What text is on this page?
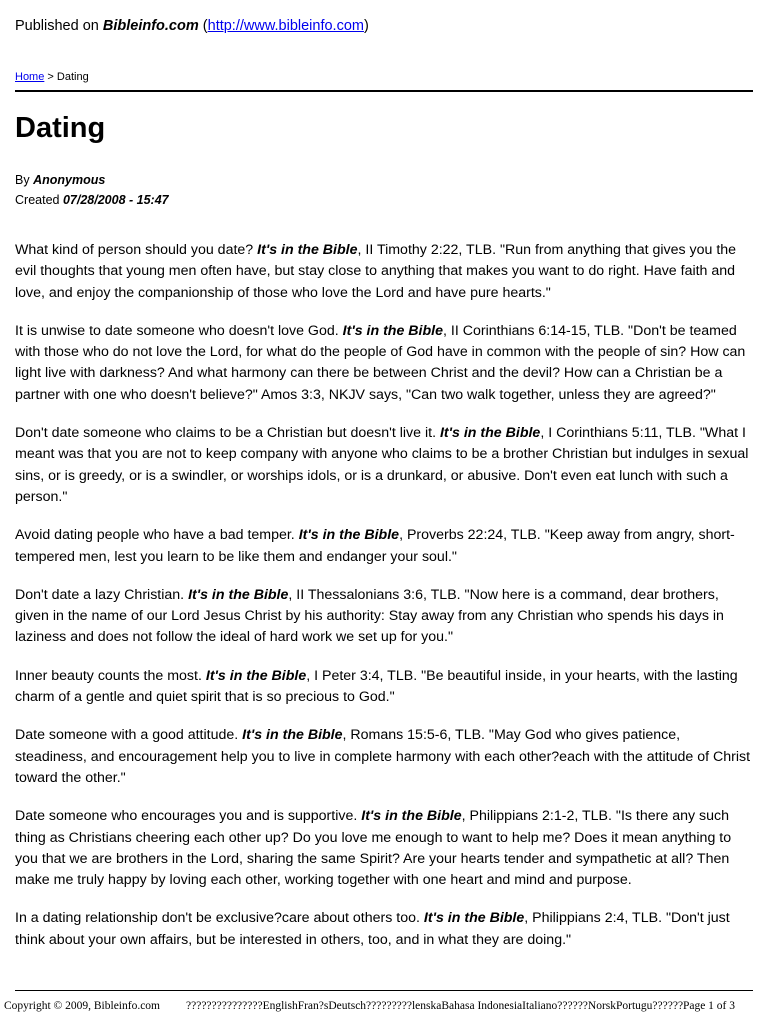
Published on Bibleinfo.com (http://www.bibleinfo.com)
Home > Dating
Dating
By Anonymous
Created 07/28/2008 - 15:47

What kind of person should you date? It's in the Bible, II Timothy 2:22, TLB. "Run from anything that gives you the evil thoughts that young men often have, but stay close to anything that makes you want to do right. Have faith and love, and enjoy the companionship of those who love the Lord and have pure hearts."

It is unwise to date someone who doesn't love God. It's in the Bible, II Corinthians 6:14-15, TLB. "Don't be teamed with those who do not love the Lord, for what do the people of God have in common with the people of sin? How can light live with darkness? And what harmony can there be between Christ and the devil? How can a Christian be a partner with one who doesn't believe?" Amos 3:3, NKJV says, "Can two walk together, unless they are agreed?"

Don't date someone who claims to be a Christian but doesn't live it. It's in the Bible, I Corinthians 5:11, TLB. "What I meant was that you are not to keep company with anyone who claims to be a brother Christian but indulges in sexual sins, or is greedy, or is a swindler, or worships idols, or is a drunkard, or abusive. Don't even eat lunch with such a person."

Avoid dating people who have a bad temper. It's in the Bible, Proverbs 22:24, TLB. "Keep away from angry, short-tempered men, lest you learn to be like them and endanger your soul."

Don't date a lazy Christian. It's in the Bible, II Thessalonians 3:6, TLB. "Now here is a command, dear brothers, given in the name of our Lord Jesus Christ by his authority: Stay away from any Christian who spends his days in laziness and does not follow the ideal of hard work we set up for you."

Inner beauty counts the most. It's in the Bible, I Peter 3:4, TLB. "Be beautiful inside, in your hearts, with the lasting charm of a gentle and quiet spirit that is so precious to God."

Date someone with a good attitude. It's in the Bible, Romans 15:5-6, TLB. "May God who gives patience, steadiness, and encouragement help you to live in complete harmony with each other?each with the attitude of Christ toward the other."

Date someone who encourages you and is supportive. It's in the Bible, Philippians 2:1-2, TLB. "Is there any such thing as Christians cheering each other up? Do you love me enough to want to help me? Does it mean anything to you that we are brothers in the Lord, sharing the same Spirit? Are your hearts tender and sympathetic at all? Then make me truly happy by loving each other, working together with one heart and mind and purpose.

In a dating relationship don't be exclusive?care about others too. It's in the Bible, Philippians 2:4, TLB. "Don't just think about your own affairs, but be interested in others, too, and in what they are doing."

Copyright © 2009, Bibleinfo.com ???????????????EnglishFran?sDeutsch?????????lenskaBahasa IndonesiaItaliano??????NorskPortugu?????? Page 1 of 3
